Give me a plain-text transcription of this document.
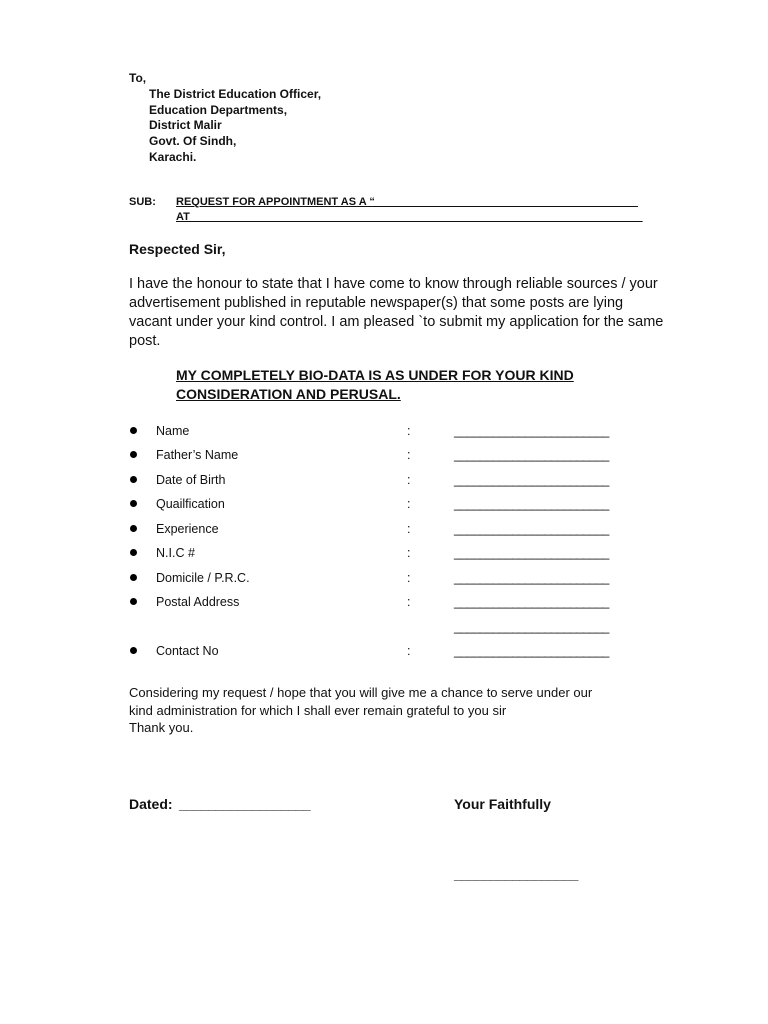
To,
The District Education Officer,
Education Departments,
District Malir
Govt. Of Sindh,
Karachi.
SUB: REQUEST FOR APPOINTMENT AS A “___________________________________________
AT__________________________________________________________________________
Respected Sir,
I have the honour to state that I have come to know through reliable sources / your advertisement published in reputable newspaper(s) that some posts are lying vacant under your kind control. I am pleased `to submit my application for the same post.
MY COMPLETELY BIO-DATA IS AS UNDER FOR YOUR KIND CONSIDERATION AND PERUSAL.
Name	:	________________________
Father’s Name	:	________________________
Date of Birth	:	________________________
Quailfication	:	________________________
Experience	:	________________________
N.I.C #	:	________________________
Domicile / P.R.C.	:	________________________
Postal Address	:	________________________
________________________
Contact No	:	________________________
Considering my request / hope that you will give me a chance to serve under our
kind administration for which I shall ever remain grateful to you sir
Thank you.
Dated: __________________	Your Faithfully
_________________
